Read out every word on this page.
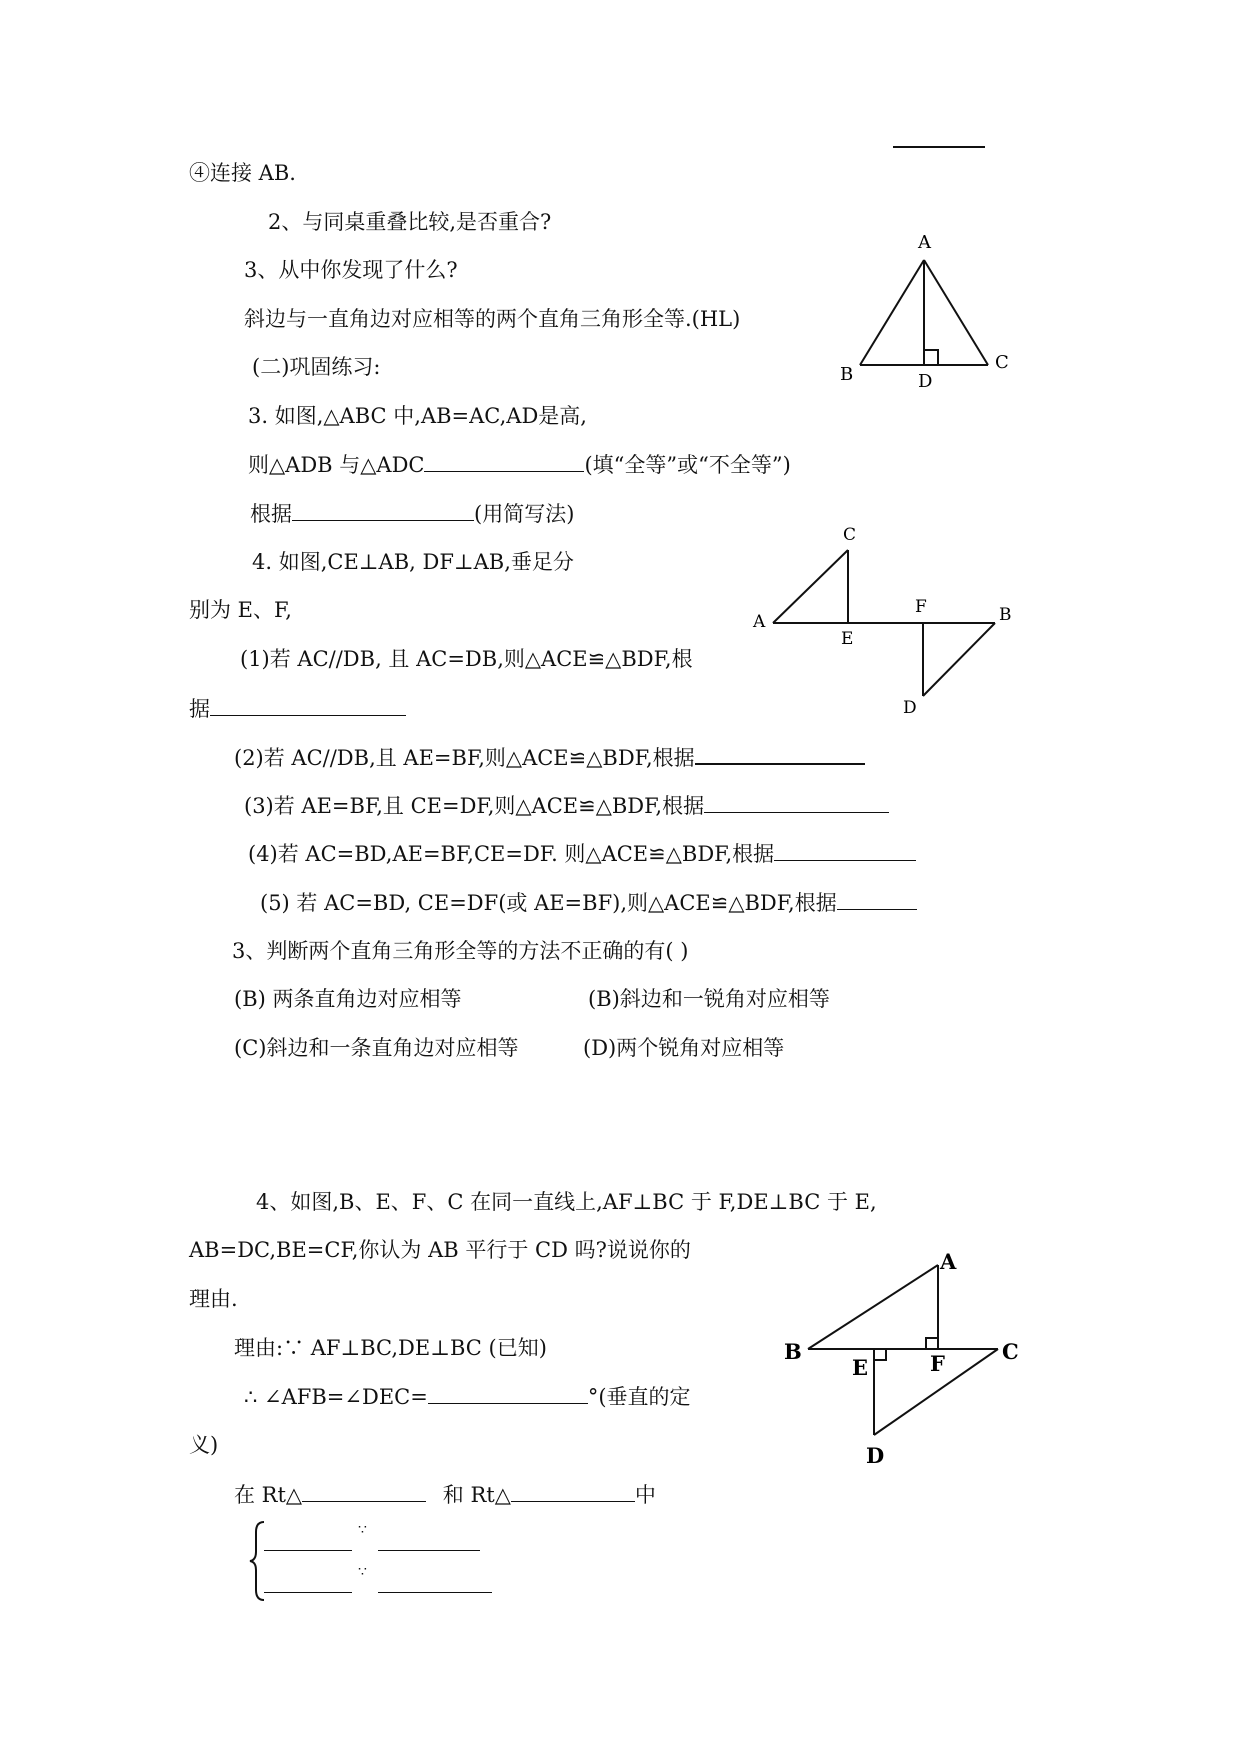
④连接 AB.
2、与同桌重叠比较,是否重合?
3、从中你发现了什么?
斜边与一直角边对应相等的两个直角三角形全等.(HL)
(二)巩固练习:
3. 如图,△ABC 中,AB=AC,AD是高,
则△ADB 与△ADC	(填“全等”或“不全等”)
根据	(用简写法)
4. 如图,CE⊥AB, DF⊥AB,垂足分
别为 E、F,
(1)若 AC//DB, 且 AC=DB,则△ACE≌△BDF,根
据
(2)若 AC//DB,且 AE=BF,则△ACE≌△BDF,根据
(3)若 AE=BF,且 CE=DF,则△ACE≌△BDF,根据
(4)若 AC=BD,AE=BF,CE=DF. 则△ACE≌△BDF,根据
(5) 若 AC=BD, CE=DF(或 AE=BF),则△ACE≌△BDF,根据
3、判断两个直角三角形全等的方法不正确的有( )
(B) 两条直角边对应相等	(B)斜边和一锐角对应相等
(C)斜边和一条直角边对应相等	(D)两个锐角对应相等
4、如图,B、E、F、C 在同一直线上,AF⊥BC 于 F,DE⊥BC 于 E,
AB=DC,BE=CF,你认为 AB 平行于 CD 吗?说说你的
理由.
理由:∵ AF⊥BC,DE⊥BC (已知)
∴ ∠AFB=∠DEC=	°(垂直的定
义)
在 Rt△	和 Rt△	中
∵
∵
A
B
C
D
C
A
E
F	B
D
A
B
E	F	C
D
